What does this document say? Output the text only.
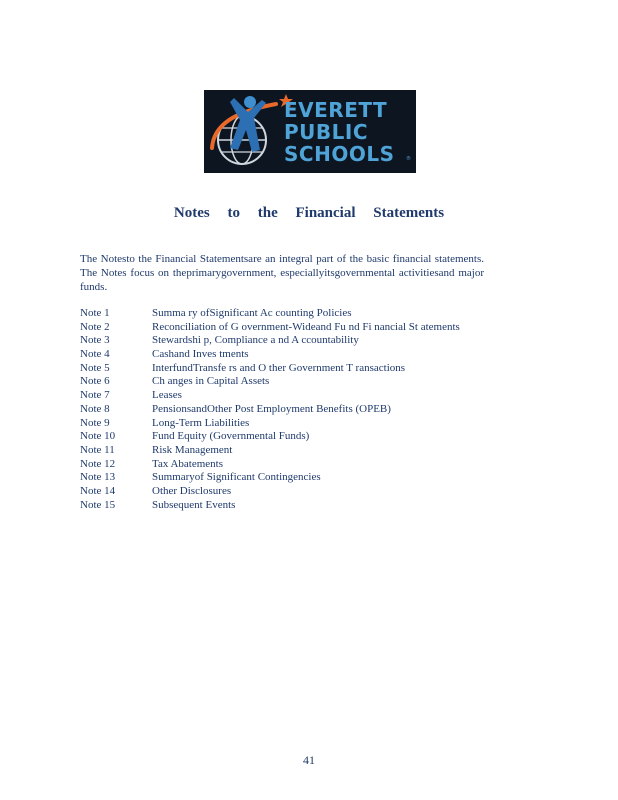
EVERETT
PUBLIC
SCHOOLS ®
Notes to the Financial Statements
The Notesto the Financial Statementsare an integral part of the basic financial statements. The Notes focus on theprimarygovernment, especiallyitsgovernmental activitiesand major funds.
Note 1	Summa ry ofSignificant Ac counting Policies
Note 2	Reconciliation of G overnment-Wideand Fu nd Fi nancial St atements
Note 3	Stewardshi p, Compliance a nd A ccountability
Note 4	Cashand Inves tments
Note 5	InterfundTransfe rs and O ther Government T ransactions
Note 6	Ch anges in Capital Assets
Note 7	Leases
Note 8	PensionsandOther Post Employment Benefits (OPEB)
Note 9	Long-Term Liabilities
Note 10	Fund Equity (Governmental Funds)
Note 11	Risk Management
Note 12	Tax Abatements
Note 13	Summaryof Significant Contingencies
Note 14	Other Disclosures
Note 15	Subsequent Events
41
